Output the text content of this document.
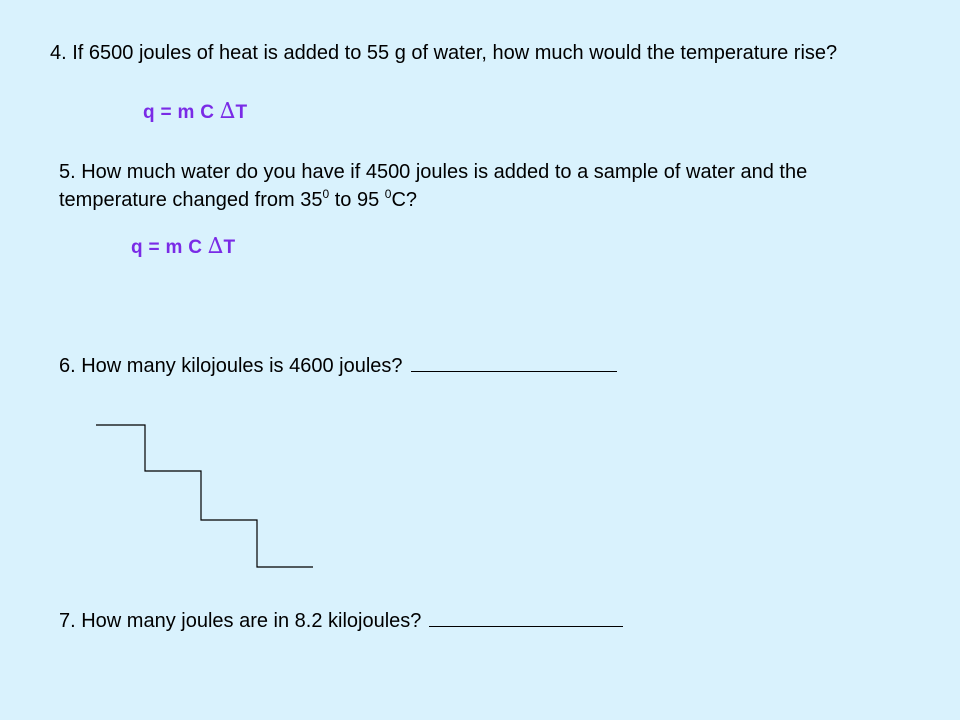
4. If 6500 joules of heat is added to 55 g of water, how much would the temperature rise?

q = m C ∆T

5. How much water do you have if 4500 joules is added to a sample of water and the temperature changed from $35^0$ to 95 $^0$C?

q = m C ∆T

6. How many kilojoules is 4600 joules?

7. How many joules are in 8.2 kilojoules?
